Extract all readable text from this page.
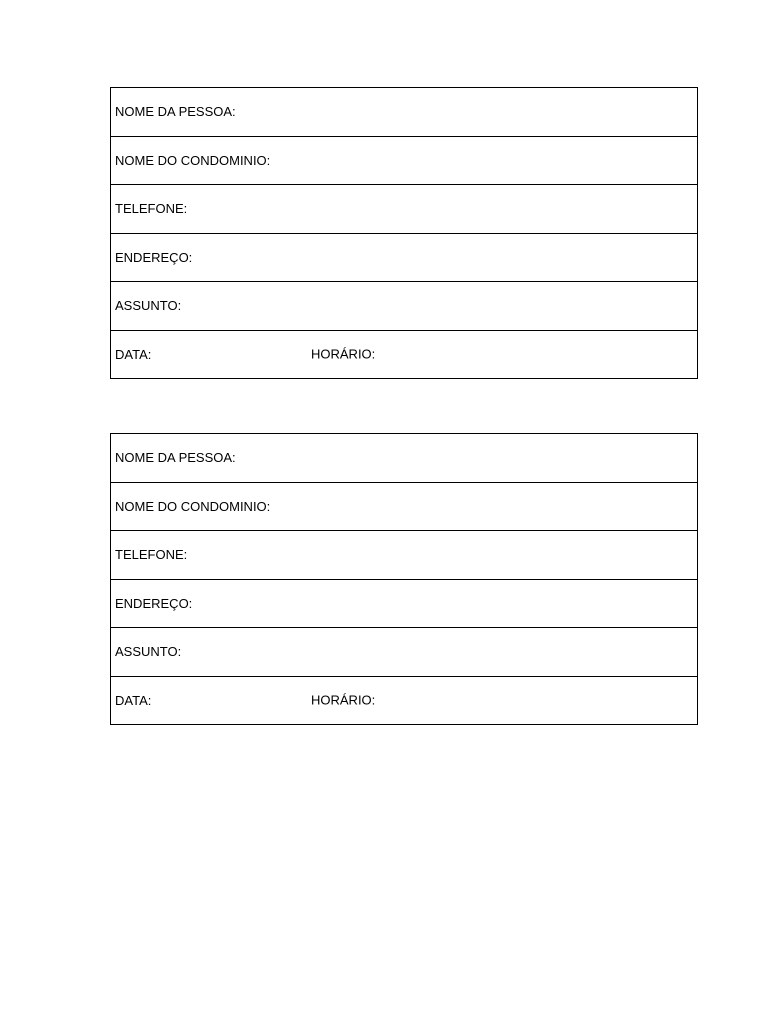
NOME DA PESSOA:
NOME DO CONDOMINIO:
TELEFONE:
ENDEREÇO:
ASSUNTO:
DATA:	HORÁRIO:
NOME DA PESSOA:
NOME DO CONDOMINIO:
TELEFONE:
ENDEREÇO:
ASSUNTO:
DATA:	HORÁRIO:
